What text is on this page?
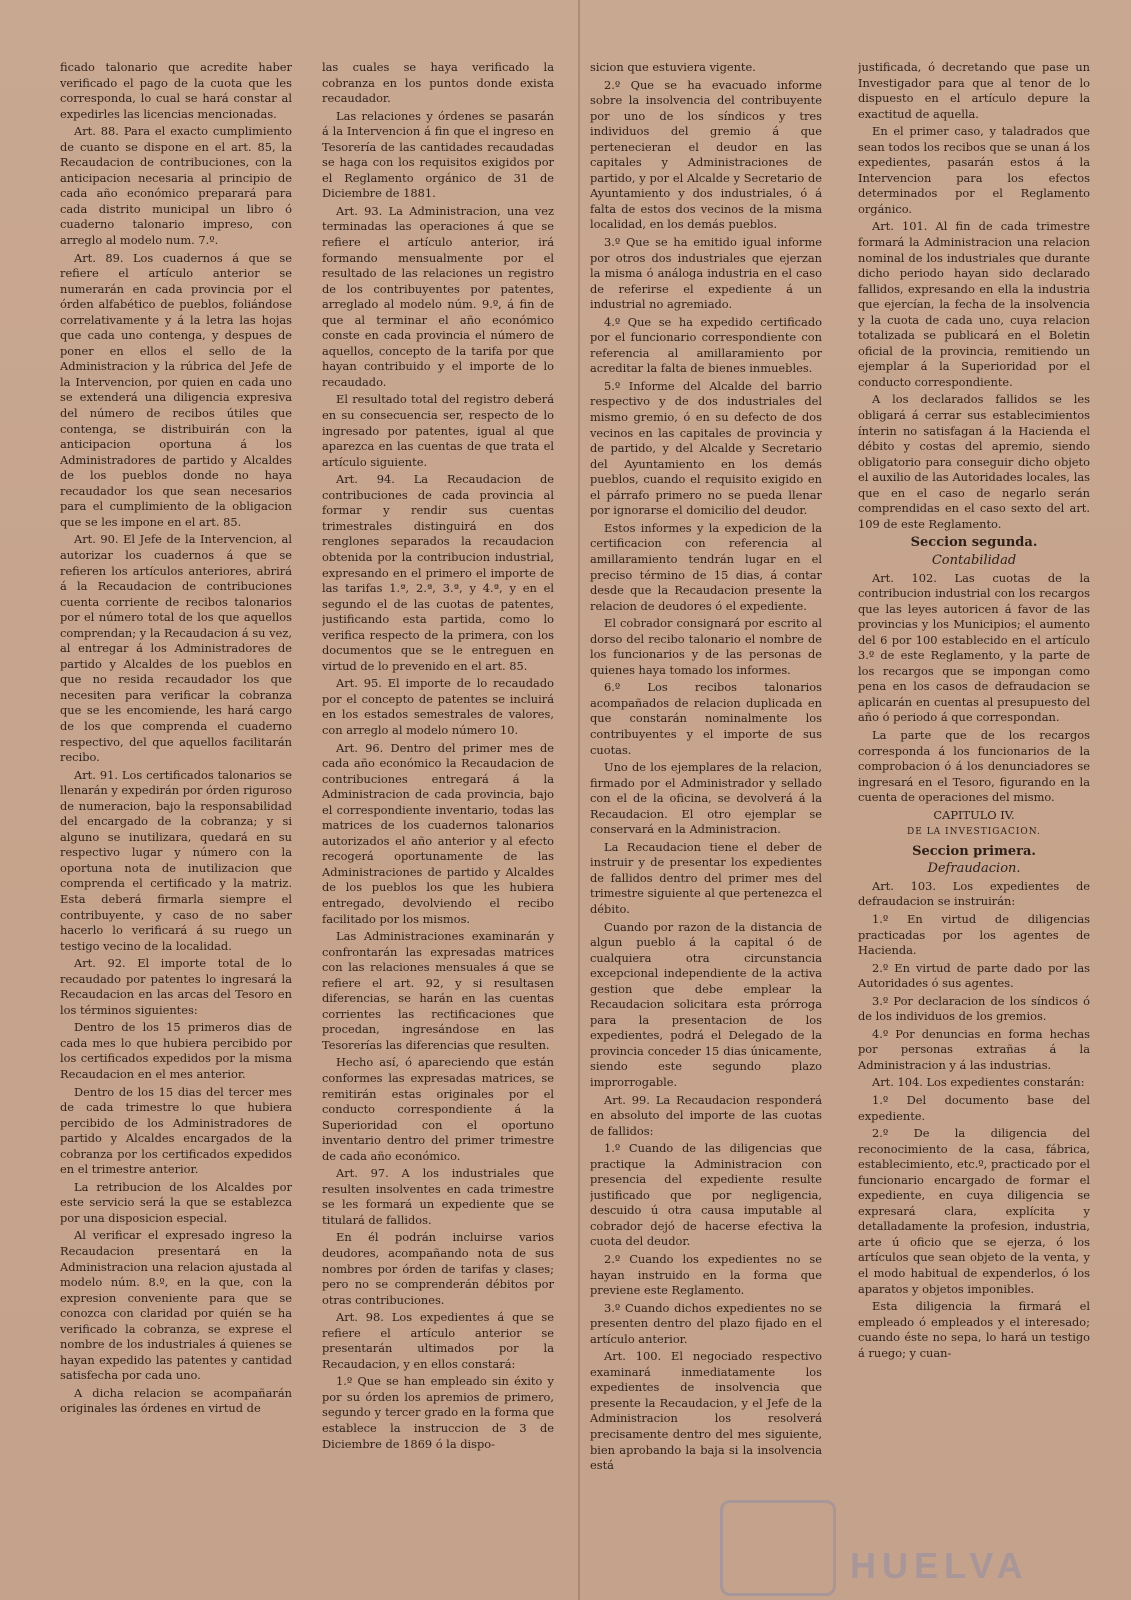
ficado talonario que acredite haber verificado el pago de la cuota que les corresponda, lo cual se hará constar al expedirles las licencias mencionadas.

Art. 88. Para el exacto cumplimiento de cuanto se dispone en el art. 85, la Recaudacion de contribuciones, con la anticipacion necesaria al principio de cada año económico preparará para cada distrito municipal un libro ó cuaderno talonario impreso, con arreglo al modelo num. 7.º.

Art. 89. Los cuadernos á que se refiere el artículo anterior se numerarán en cada provincia por el órden alfabético de pueblos, foliándose correlativamente y á la letra las hojas que cada uno contenga, y despues de poner en ellos el sello de la Administracion y la rúbrica del Jefe de la Intervencion, por quien en cada uno se extenderá una diligencia expresiva del número de recibos útiles que contenga, se distribuirán con la anticipacion oportuna á los Administradores de partido y Alcaldes de los pueblos donde no haya recaudador los que sean necesarios para el cumplimiento de la obligacion que se les impone en el art. 85.

Art. 90. El Jefe de la Intervencion, al autorizar los cuadernos á que se refieren los artículos anteriores, abrirá á la Recaudacion de contribuciones cuenta corriente de recibos talonarios por el número total de los que aquellos comprendan; y la Recaudacion á su vez, al entregar á los Administradores de partido y Alcaldes de los pueblos en que no resida recaudador los que necesiten para verificar la cobranza que se les encomiende, les hará cargo de los que comprenda el cuaderno respectivo, del que aquellos facilitarán recibo.

Art. 91. Los certificados talonarios se llenarán y expedirán por órden riguroso de numeracion, bajo la responsabilidad del encargado de la cobranza; y si alguno se inutilizara, quedará en su respectivo lugar y número con la oportuna nota de inutilizacion que comprenda el certificado y la matriz. Esta deberá firmarla siempre el contribuyente, y caso de no saber hacerlo lo verificará á su ruego un testigo vecino de la localidad.

Art. 92. El importe total de lo recaudado por patentes lo ingresará la Recaudacion en las arcas del Tesoro en los términos siguientes:

Dentro de los 15 primeros dias de cada mes lo que hubiera percibido por los certificados expedidos por la misma Recaudacion en el mes anterior.

Dentro de los 15 dias del tercer mes de cada trimestre lo que hubiera percibido de los Administradores de partido y Alcaldes encargados de la cobranza por los certificados expedidos en el trimestre anterior.

La retribucion de los Alcaldes por este servicio será la que se establezca por una disposicion especial.

Al verificar el expresado ingreso la Recaudacion presentará en la Administracion una relacion ajustada al modelo núm. 8.º, en la que, con la expresion conveniente para que se conozca con claridad por quién se ha verificado la cobranza, se exprese el nombre de los industriales á quienes se hayan expedido las patentes y cantidad satisfecha por cada uno.

A dicha relacion se acompañarán originales las órdenes en virtud de

las cuales se haya verificado la cobranza en los puntos donde exista recaudador.

Las relaciones y órdenes se pasarán á la Intervencion á fin que el ingreso en Tesorería de las cantidades recaudadas se haga con los requisitos exigidos por el Reglamento orgánico de 31 de Diciembre de 1881.

Art. 93. La Administracion, una vez terminadas las operaciones á que se refiere el artículo anterior, irá formando mensualmente por el resultado de las relaciones un registro de los contribuyentes por patentes, arreglado al modelo núm. 9.º, á fin de que al terminar el año económico conste en cada provincia el número de aquellos, concepto de la tarifa por que hayan contribuido y el importe de lo recaudado.

El resultado total del registro deberá en su consecuencia ser, respecto de lo ingresado por patentes, igual al que aparezca en las cuentas de que trata el artículo siguiente.

Art. 94. La Recaudacion de contribuciones de cada provincia al formar y rendir sus cuentas trimestrales distinguirá en dos renglones separados la recaudacion obtenida por la contribucion industrial, expresando en el primero el importe de las tarifas 1.ª, 2.ª, 3.ª, y 4.ª, y en el segundo el de las cuotas de patentes, justificando esta partida, como lo verifica respecto de la primera, con los documentos que se le entreguen en virtud de lo prevenido en el art. 85.

Art. 95. El importe de lo recaudado por el concepto de patentes se incluirá en los estados semestrales de valores, con arreglo al modelo número 10.

Art. 96. Dentro del primer mes de cada año económico la Recaudacion de contribuciones entregará á la Administracion de cada provincia, bajo el correspondiente inventario, todas las matrices de los cuadernos talonarios autorizados el año anterior y al efecto recogerá oportunamente de las Administraciones de partido y Alcaldes de los pueblos los que les hubiera entregado, devolviendo el recibo facilitado por los mismos.

Las Administraciones examinarán y confrontarán las expresadas matrices con las relaciones mensuales á que se refiere el art. 92, y si resultasen diferencias, se harán en las cuentas corrientes las rectificaciones que procedan, ingresándose en las Tesorerías las diferencias que resulten.

Hecho así, ó apareciendo que están conformes las expresadas matrices, se remitirán estas originales por el conducto correspondiente á la Superioridad con el oportuno inventario dentro del primer trimestre de cada año económico.

Art. 97. A los industriales que resulten insolventes en cada trimestre se les formará un expediente que se titulará de fallidos.

En él podrán incluirse varios deudores, acompañando nota de sus nombres por órden de tarifas y clases; pero no se comprenderán débitos por otras contribuciones.

Art. 98. Los expedientes á que se refiere el artículo anterior se presentarán ultimados por la Recaudacion, y en ellos constará:

1.º Que se han empleado sin éxito y por su órden los apremios de primero, segundo y tercer grado en la forma que establece la instruccion de 3 de Diciembre de 1869 ó la dispo-

sicion que estuviera vigente.

2.º Que se ha evacuado informe sobre la insolvencia del contribuyente por uno de los síndicos y tres individuos del gremio á que pertenecieran el deudor en las capitales y Administraciones de partido, y por el Alcalde y Secretario de Ayuntamiento y dos industriales, ó á falta de estos dos vecinos de la misma localidad, en los demás pueblos.

3.º Que se ha emitido igual informe por otros dos industriales que ejerzan la misma ó análoga industria en el caso de referirse el expediente á un industrial no agremiado.

4.º Que se ha expedido certificado por el funcionario correspondiente con referencia al amillaramiento por acreditar la falta de bienes inmuebles.

5.º Informe del Alcalde del barrio respectivo y de dos industriales del mismo gremio, ó en su defecto de dos vecinos en las capitales de provincia y de partido, y del Alcalde y Secretario del Ayuntamiento en los demás pueblos, cuando el requisito exigido en el párrafo primero no se pueda llenar por ignorarse el domicilio del deudor.

Estos informes y la expedicion de la certificacion con referencia al amillaramiento tendrán lugar en el preciso término de 15 dias, á contar desde que la Recaudacion presente la relacion de deudores ó el expediente.

El cobrador consignará por escrito al dorso del recibo talonario el nombre de los funcionarios y de las personas de quienes haya tomado los informes.

6.º Los recibos talonarios acompañados de relacion duplicada en que constarán nominalmente los contribuyentes y el importe de sus cuotas.

Uno de los ejemplares de la relacion, firmado por el Administrador y sellado con el de la oficina, se devolverá á la Recaudacion. El otro ejemplar se conservará en la Administracion.

La Recaudacion tiene el deber de instruir y de presentar los expedientes de fallidos dentro del primer mes del trimestre siguiente al que pertenezca el débito.

Cuando por razon de la distancia de algun pueblo á la capital ó de cualquiera otra circunstancia excepcional independiente de la activa gestion que debe emplear la Recaudacion solicitara esta prórroga para la presentacion de los expedientes, podrá el Delegado de la provincia conceder 15 dias únicamente, siendo este segundo plazo improrrogable.

Art. 99. La Recaudacion responderá en absoluto del importe de las cuotas de fallidos:

1.º Cuando de las diligencias que practique la Administracion con presencia del expediente resulte justificado que por negligencia, descuido ú otra causa imputable al cobrador dejó de hacerse efectiva la cuota del deudor.

2.º Cuando los expedientes no se hayan instruido en la forma que previene este Reglamento.

3.º Cuando dichos expedientes no se presenten dentro del plazo fijado en el artículo anterior.

Art. 100. El negociado respectivo examinará inmediatamente los expedientes de insolvencia que presente la Recaudacion, y el Jefe de la Administracion los resolverá precisamente dentro del mes siguiente, bien aprobando la baja si la insolvencia está

justificada, ó decretando que pase un Investigador para que al tenor de lo dispuesto en el artículo depure la exactitud de aquella.

En el primer caso, y taladrados que sean todos los recibos que se unan á los expedientes, pasarán estos á la Intervencion para los efectos determinados por el Reglamento orgánico.

Art. 101. Al fin de cada trimestre formará la Administracion una relacion nominal de los industriales que durante dicho periodo hayan sido declarado fallidos, expresando en ella la industria que ejercían, la fecha de la insolvencia y la cuota de cada uno, cuya relacion totalizada se publicará en el Boletin oficial de la provincia, remitiendo un ejemplar á la Superioridad por el conducto correspondiente.

A los declarados fallidos se les obligará á cerrar sus establecimientos ínterin no satisfagan á la Hacienda el débito y costas del apremio, siendo obligatorio para conseguir dicho objeto el auxilio de las Autoridades locales, las que en el caso de negarlo serán comprendidas en el caso sexto del art. 109 de este Reglamento.

Seccion segunda.

Contabilidad

Art. 102. Las cuotas de la contribucion industrial con los recargos que las leyes autoricen á favor de las provincias y los Municipios; el aumento del 6 por 100 establecido en el artículo 3.º de este Reglamento, y la parte de los recargos que se impongan como pena en los casos de defraudacion se aplicarán en cuentas al presupuesto del año ó periodo á que correspondan.

La parte que de los recargos corresponda á los funcionarios de la comprobacion ó á los denunciadores se ingresará en el Tesoro, figurando en la cuenta de operaciones del mismo.

CAPITULO IV.

DE LA INVESTIGACION.

Seccion primera.

Defraudacion.

Art. 103. Los expedientes de defraudacion se instruirán:

1.º En virtud de diligencias practicadas por los agentes de Hacienda.

2.º En virtud de parte dado por las Autoridades ó sus agentes.

3.º Por declaracion de los síndicos ó de los individuos de los gremios.

4.º Por denuncias en forma hechas por personas extrañas á la Administracion y á las industrias.

Art. 104. Los expedientes constarán:

1.º Del documento base del expediente.

2.º De la diligencia del reconocimiento de la casa, fábrica, establecimiento, etc.º, practicado por el funcionario encargado de formar el expediente, en cuya diligencia se expresará clara, explícita y detalladamente la profesion, industria, arte ú oficio que se ejerza, ó los artículos que sean objeto de la venta, y el modo habitual de expenderlos, ó los aparatos y objetos imponibles.

Esta diligencia la firmará el empleado ó empleados y el interesado; cuando éste no sepa, lo hará un testigo á ruego; y cuan-

HUELVA
